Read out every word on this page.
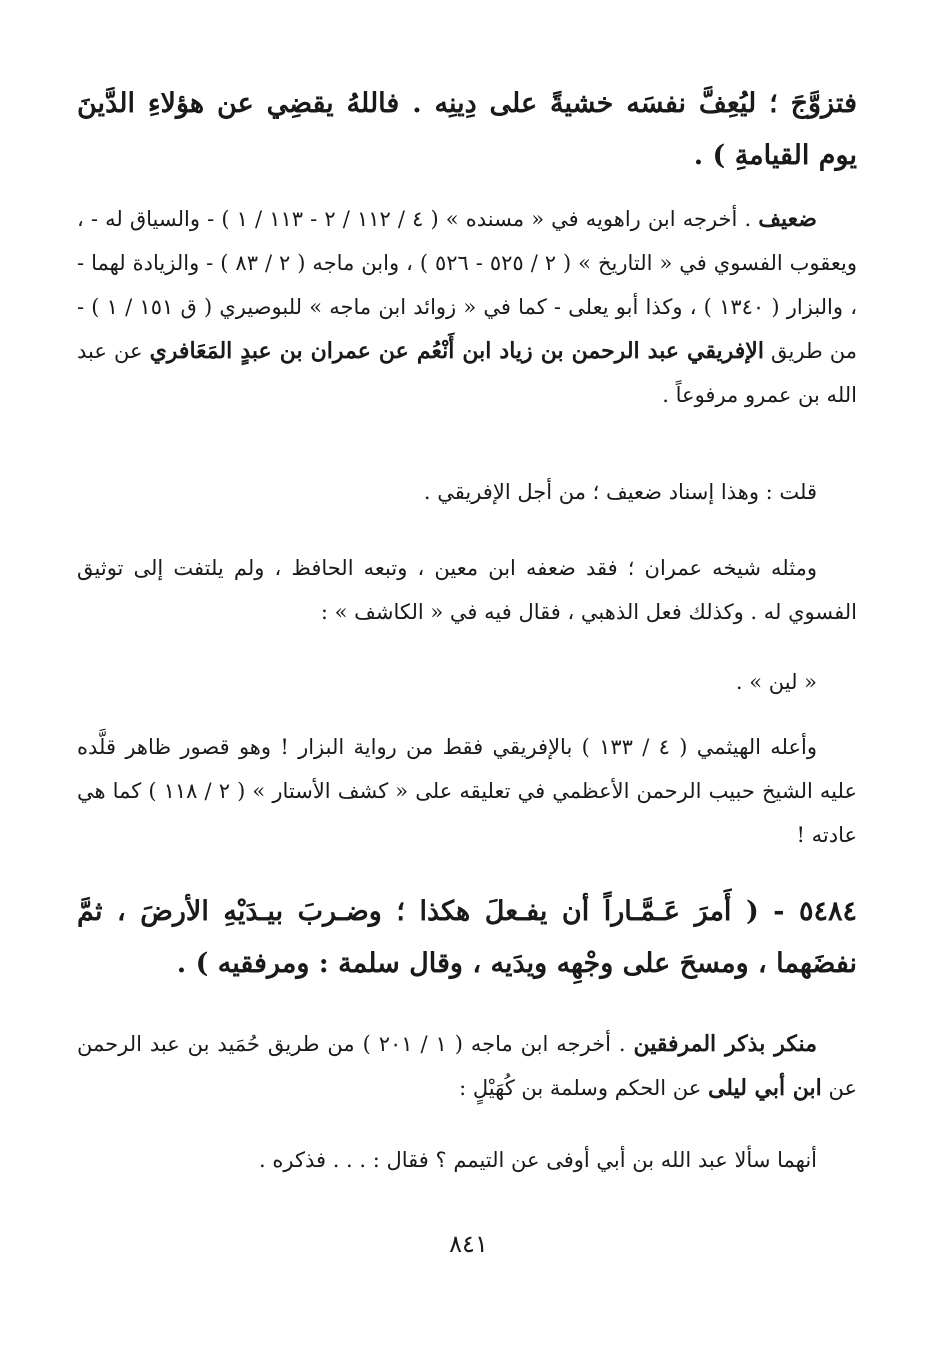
فتزوَّجَ ؛ ليُعِفَّ نفسَه خشيةً على دِينِه . فاللهُ يقضِي عن هؤلاءِ الدَّينَ يوم القيامةِ ) .

ضعيف . أخرجه ابن راهويه في « مسنده » ( ٤ / ١١٢ / ٢ - ١١٣ / ١ ) - والسياق له - ، ويعقوب الفسوي في « التاريخ » ( ٢ / ٥٢٥ - ٥٢٦ ) ، وابن ماجه ( ٢ / ٨٣ ) - والزيادة لهما - ، والبزار ( ١٣٤٠ ) ، وكذا أبو يعلى - كما في « زوائد ابن ماجه » للبوصيري ( ق ١٥١ / ١ ) - من طريق الإفريقي عبد الرحمن بن زياد ابن أَنْعُم عن عمران بن عبدٍ المَعَافري عن عبد الله بن عمرو مرفوعاً .

قلت : وهذا إسناد ضعيف ؛ من أجل الإفريقي .

ومثله شيخه عمران ؛ فقد ضعفه ابن معين ، وتبعه الحافظ ، ولم يلتفت إلى توثيق الفسوي له . وكذلك فعل الذهبي ، فقال فيه في « الكاشف » :

« لين » .

وأعله الهيثمي ( ٤ / ١٣٣ ) بالإفريقي فقط من رواية البزار ! وهو قصور ظاهر قلَّده عليه الشيخ حبيب الرحمن الأعظمي في تعليقه على « كشف الأستار » ( ٢ / ١١٨ ) كما هي عادته !

٥٤٨٤ - ( أَمرَ عَـمَّـاراً أن يفـعلَ هكذا ؛ وضـربَ بيـدَيْهِ الأرضَ ، ثمَّ نفضَهما ، ومسحَ على وجْهِه ويدَيه ، وقال سلمة : ومرفقيه ) .

منكر بذكر المرفقين . أخرجه ابن ماجه ( ١ / ٢٠١ ) من طريق حُمَيد بن عبد الرحمن عن ابن أبي ليلى عن الحكم وسلمة بن كُهَيْلٍ :

أنهما سألا عبد الله بن أبي أوفى عن التيمم ؟ فقال : . . . فذكره .

٨٤١
